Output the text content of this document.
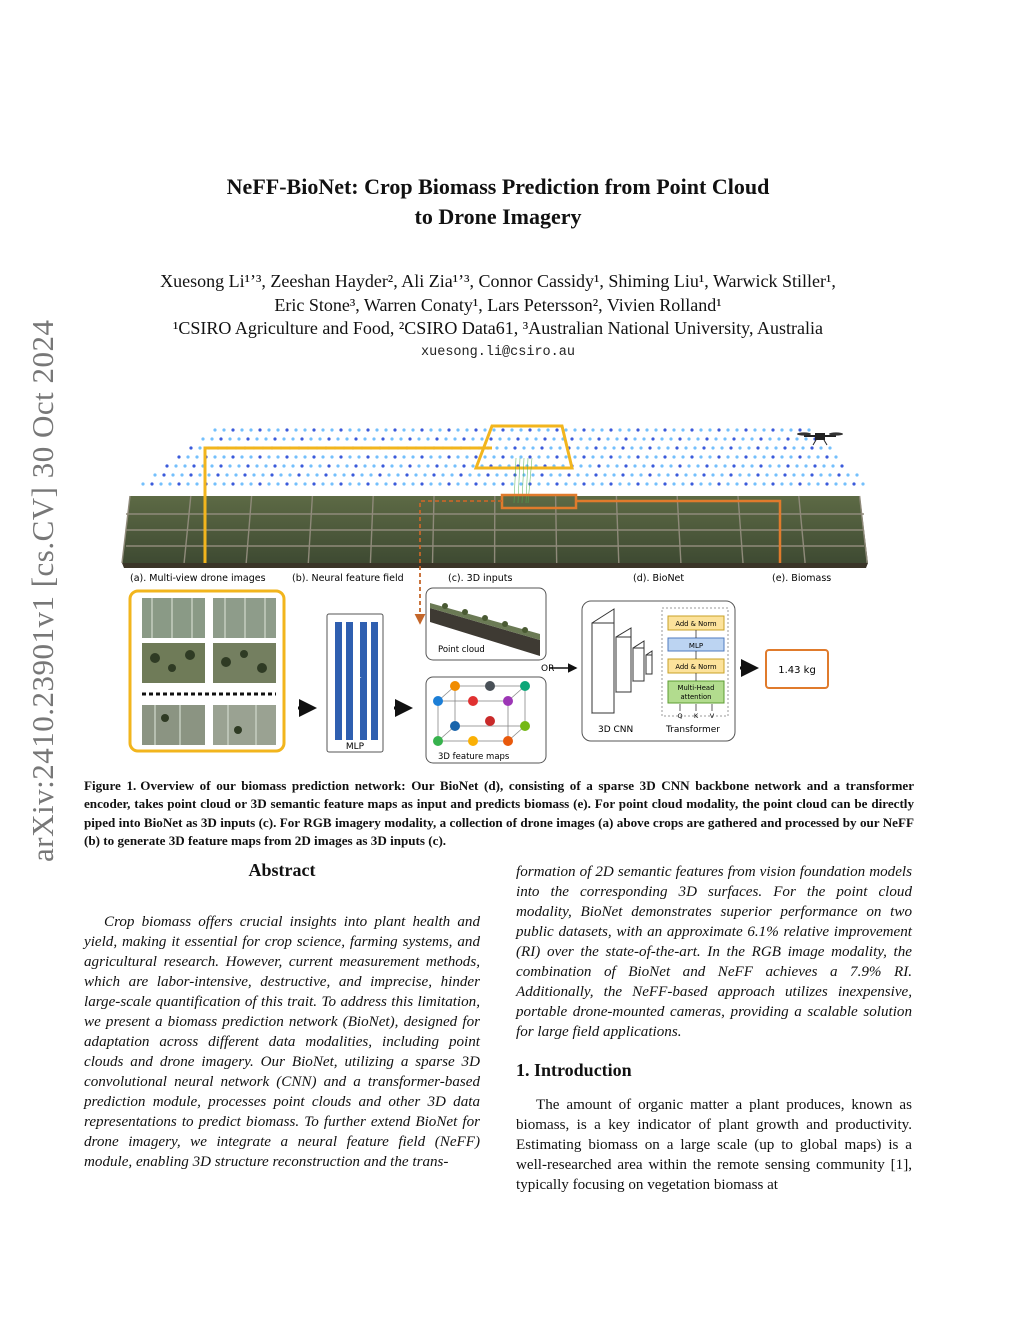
arXiv:2410.23901v1 [cs.CV] 30 Oct 2024
NeFF-BioNet: Crop Biomass Prediction from Point Cloud
to Drone Imagery
Xuesong Li¹ʼ³, Zeeshan Hayder², Ali Zia¹ʼ³, Connor Cassidy¹, Shiming Liu¹, Warwick Stiller¹,
Eric Stone³, Warren Conaty¹, Lars Petersson², Vivien Rolland¹
¹CSIRO Agriculture and Food, ²CSIRO Data61, ³Australian National University, Australia
xuesong.li@csiro.au
(a). Multi-view drone images	(b). Neural feature field	(c). 3D inputs	(d). BioNet	(e). Biomass
····
MLP
Point cloud
OR
3D feature maps
3D CNN
Add & Norm
MLP
Add & Norm
Multi-Head
attention
Q K V
Transformer
1.43 kg
Figure 1. Overview of our biomass prediction network: Our BioNet (d), consisting of a sparse 3D CNN backbone network and a transformer encoder, takes point cloud or 3D semantic feature maps as input and predicts biomass (e). For point cloud modality, the point cloud can be directly piped into BioNet as 3D inputs (c). For RGB imagery modality, a collection of drone images (a) above crops are gathered and processed by our NeFF (b) to generate 3D feature maps from 2D images as 3D inputs (c).
Abstract
Crop biomass offers crucial insights into plant health and yield, making it essential for crop science, farming systems, and agricultural research. However, current measurement methods, which are labor-intensive, destructive, and imprecise, hinder large-scale quantification of this trait. To address this limitation, we present a biomass prediction network (BioNet), designed for adaptation across different data modalities, including point clouds and drone imagery. Our BioNet, utilizing a sparse 3D convolutional neural network (CNN) and a transformer-based prediction module, processes point clouds and other 3D data representations to predict biomass. To further extend BioNet for drone imagery, we integrate a neural feature field (NeFF) module, enabling 3D structure reconstruction and the trans-
formation of 2D semantic features from vision foundation models into the corresponding 3D surfaces. For the point cloud modality, BioNet demonstrates superior performance on two public datasets, with an approximate 6.1% relative improvement (RI) over the state-of-the-art. In the RGB image modality, the combination of BioNet and NeFF achieves a 7.9% RI. Additionally, the NeFF-based approach utilizes inexpensive, portable drone-mounted cameras, providing a scalable solution for large field applications.
1. Introduction
The amount of organic matter a plant produces, known as biomass, is a key indicator of plant growth and productivity. Estimating biomass on a large scale (up to global maps) is a well-researched area within the remote sensing community [1], typically focusing on vegetation biomass at
